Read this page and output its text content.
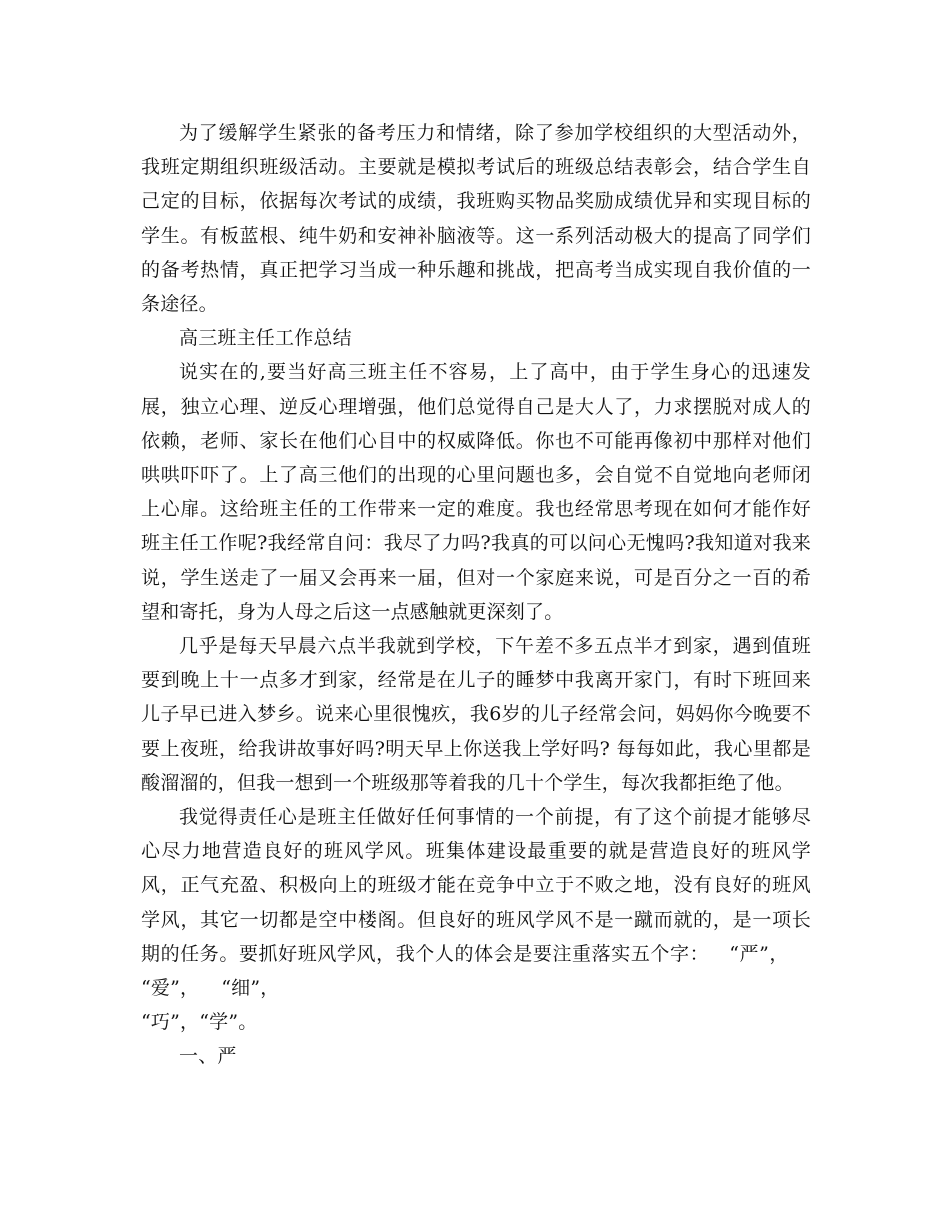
为了缓解学生紧张的备考压力和情绪，除了参加学校组织的大型活动外，我班定期组织班级活动。主要就是模拟考试后的班级总结表彰会，结合学生自己定的目标，依据每次考试的成绩，我班购买物品奖励成绩优异和实现目标的学生。有板蓝根、纯牛奶和安神补脑液等。这一系列活动极大的提高了同学们的备考热情，真正把学习当成一种乐趣和挑战，把高考当成实现自我价值的一条途径。

高三班主任工作总结

说实在的,要当好高三班主任不容易，上了高中，由于学生身心的迅速发展，独立心理、逆反心理增强，他们总觉得自己是大人了，力求摆脱对成人的依赖，老师、家长在他们心目中的权威降低。你也不可能再像初中那样对他们哄哄吓吓了。上了高三他们的出现的心里问题也多，会自觉不自觉地向老师闭上心扉。这给班主任的工作带来一定的难度。我也经常思考现在如何才能作好班主任工作呢?我经常自问：我尽了力吗?我真的可以问心无愧吗?我知道对我来说，学生送走了一届又会再来一届，但对一个家庭来说，可是百分之一百的希望和寄托，身为人母之后这一点感触就更深刻了。

几乎是每天早晨六点半我就到学校，下午差不多五点半才到家，遇到值班要到晚上十一点多才到家，经常是在儿子的睡梦中我离开家门，有时下班回来儿子早已进入梦乡。说来心里很愧疚，我6岁的儿子经常会问，妈妈你今晚要不要上夜班，给我讲故事好吗?明天早上你送我上学好吗? 每每如此，我心里都是酸溜溜的，但我一想到一个班级那等着我的几十个学生，每次我都拒绝了他。

我觉得责任心是班主任做好任何事情的一个前提，有了这个前提才能够尽心尽力地营造良好的班风学风。班集体建设最重要的就是营造良好的班风学风，正气充盈、积极向上的班级才能在竞争中立于不败之地，没有良好的班风学风，其它一切都是空中楼阁。但良好的班风学风不是一蹴而就的，是一项长期的任务。要抓好班风学风，我个人的体会是要注重落实五个字： “严”，“爱”， “细”，

“巧”，“学”。

一、严
